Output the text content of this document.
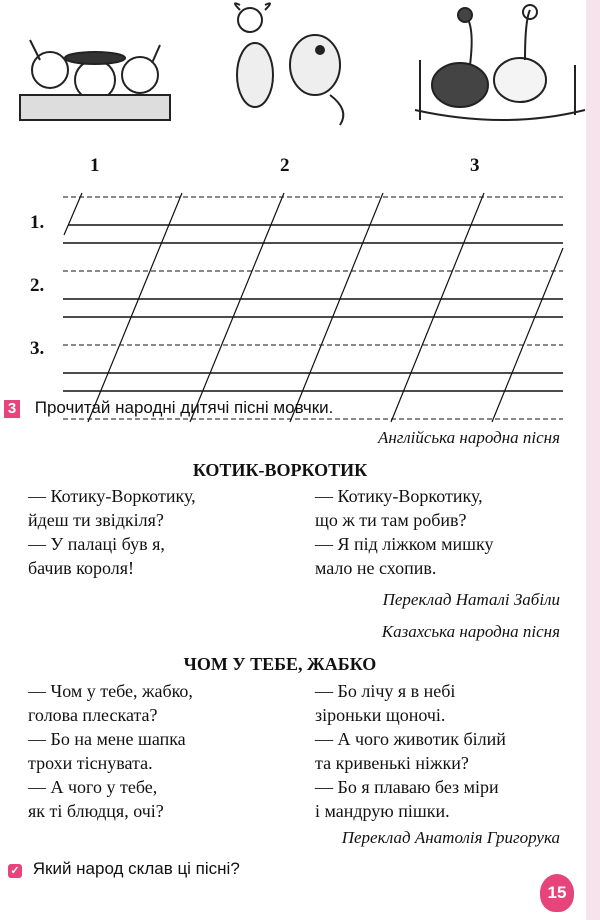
1	2	3
1.
2.
3.
3 Прочитай народні дитячі пісні мовчки.
Англійська народна пісня
КОТИК-ВОРКОТИК
— Котику-Воркотику,
йдеш ти звідкіля?
— У палаці був я,
бачив короля!
— Котику-Воркотику,
що ж ти там робив?
— Я під ліжком мишку
мало не схопив.
Переклад Наталі Забіли
Казахська народна пісня
ЧОМ У ТЕБЕ, ЖАБКО
— Чом у тебе, жабко,
голова плеската?
— Бо на мене шапка
трохи тіснувата.
— А чого у тебе,
як ті блюдця, очі?
— Бо лічу я в небі
зіроньки щоночі.
— А чого животик білий
та кривенькі ніжки?
— Бо я плаваю без міри
і мандрую пішки.
Переклад Анатолія Григорука
✓ Який народ склав ці пісні?
15
